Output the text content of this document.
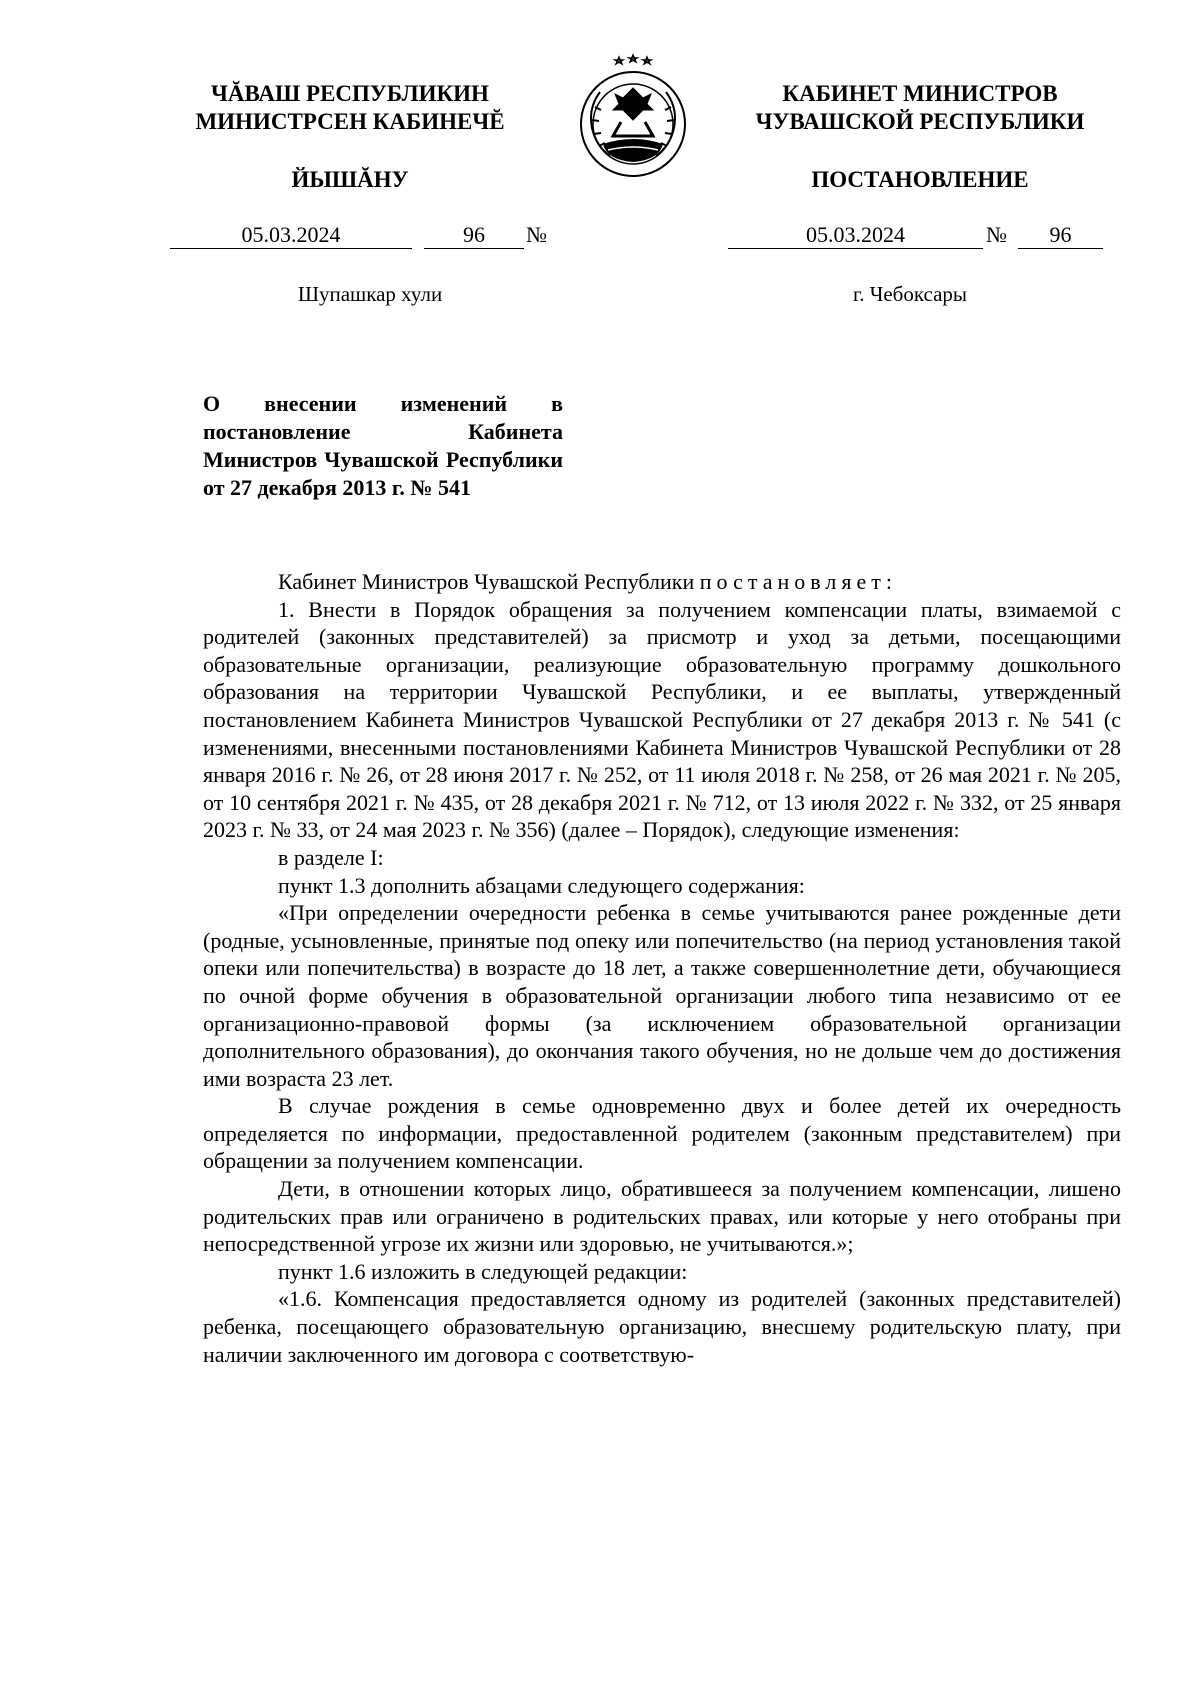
ЧĂВАШ РЕСПУБЛИКИН
МИНИСТРСЕН КАБИНЕЧĔ
ЙЫШĂНУ
КАБИНЕТ МИНИСТРОВ
ЧУВАШСКОЙ РЕСПУБЛИКИ
ПОСТАНОВЛЕНИЕ
05.03.2024	96	№	05.03.2024	№	96
Шупашкар хули	г. Чебоксары
О внесении изменений в постановление Кабинета Министров Чувашской Республики от 27 декабря 2013 г. № 541

Кабинет Министров Чувашской Республики постановляет:

1. Внести в Порядок обращения за получением компенсации платы, взимаемой с родителей (законных представителей) за присмотр и уход за детьми, посещающими образовательные организации, реализующие образовательную программу дошкольного образования на территории Чувашской Республики, и ее выплаты, утвержденный постановлением Кабинета Министров Чувашской Республики от 27 декабря 2013 г. № 541 (с изменениями, внесенными постановлениями Кабинета Министров Чувашской Республики от 28 января 2016 г. № 26, от 28 июня 2017 г. № 252, от 11 июля 2018 г. № 258, от 26 мая 2021 г. № 205, от 10 сентября 2021 г. № 435, от 28 декабря 2021 г. № 712, от 13 июля 2022 г. № 332, от 25 января 2023 г. № 33, от 24 мая 2023 г. № 356) (далее – Порядок), следующие изменения:

в разделе I:

пункт 1.3 дополнить абзацами следующего содержания:

«При определении очередности ребенка в семье учитываются ранее рожденные дети (родные, усыновленные, принятые под опеку или попечительство (на период установления такой опеки или попечительства) в возрасте до 18 лет, а также совершеннолетние дети, обучающиеся по очной форме обучения в образовательной организации любого типа независимо от ее организационно-правовой формы (за исключением образовательной организации дополнительного образования), до окончания такого обучения, но не дольше чем до достижения ими возраста 23 лет.

В случае рождения в семье одновременно двух и более детей их очередность определяется по информации, предоставленной родителем (законным представителем) при обращении за получением компенсации.

Дети, в отношении которых лицо, обратившееся за получением компенсации, лишено родительских прав или ограничено в родительских правах, или которые у него отобраны при непосредственной угрозе их жизни или здоровью, не учитываются.»;

пункт 1.6 изложить в следующей редакции:

«1.6. Компенсация предоставляется одному из родителей (законных представителей) ребенка, посещающего образовательную организацию, внесшему родительскую плату, при наличии заключенного им договора с соответствую-
